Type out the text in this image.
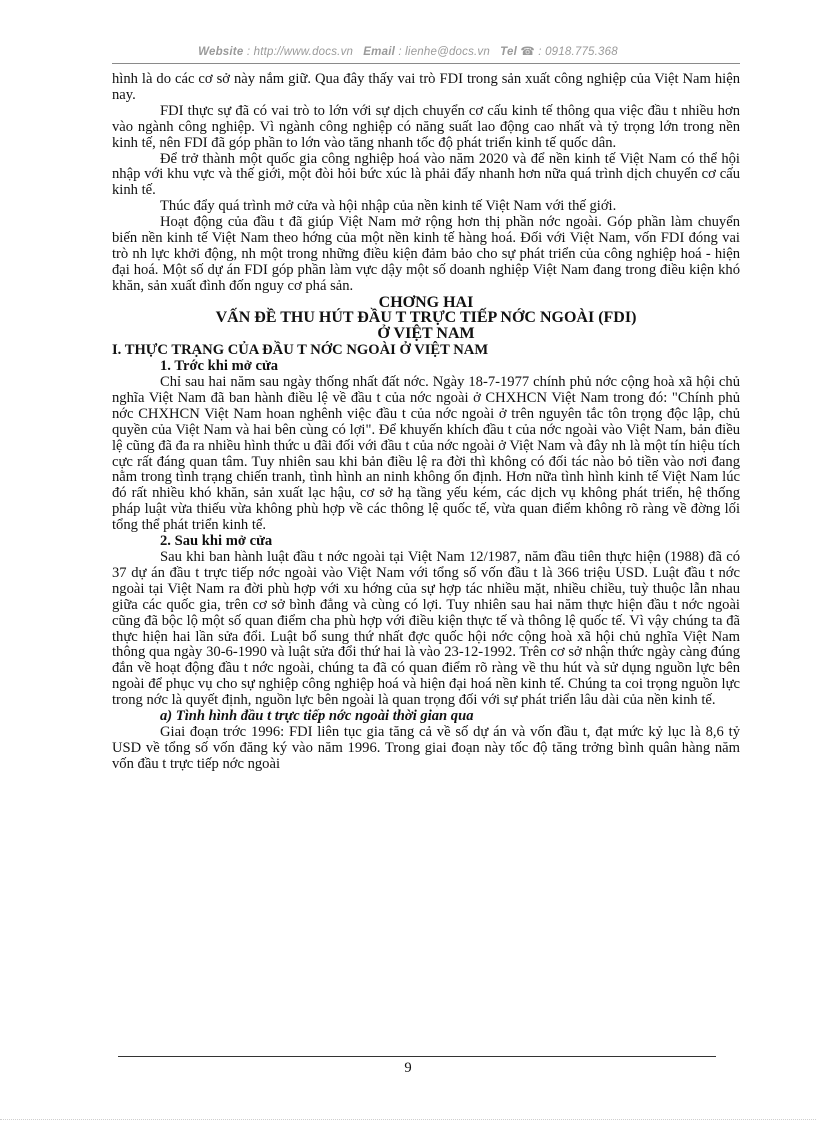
Website : http://www.docs.vn Email : lienhe@docs.vn Tel ☎ : 0918.775.368

hình là do các cơ sở này nắm giữ. Qua đây thấy vai trò FDI trong sản xuất công nghiệp của Việt Nam hiện nay.

FDI thực sự đã có vai trò to lớn với sự dịch chuyển cơ cấu kinh tế thông qua việc đầu t nhiều hơn vào ngành công nghiệp. Vì ngành công nghiệp có năng suất lao động cao nhất và tỷ trọng lớn trong nền kinh tế, nên FDI đã góp phần to lớn vào tăng nhanh tốc độ phát triển kinh tế quốc dân.

Để trở thành một quốc gia công nghiệp hoá vào năm 2020 và để nền kinh tế Việt Nam có thể hội nhập với khu vực và thế giới, một đòi hỏi bức xúc là phải đẩy nhanh hơn nữa quá trình dịch chuyển cơ cấu kinh tế.

Thúc đẩy quá trình mở cửa và hội nhập của nền kinh tế Việt Nam với thế giới.

Hoạt động của đầu t đã giúp Việt Nam mở rộng hơn thị phần nớc ngoài. Góp phần làm chuyển biến nền kinh tế Việt Nam theo hớng của một nền kinh tế hàng hoá. Đối với Việt Nam, vốn FDI đóng vai trò nh lực khởi động, nh một trong những điều kiện đảm bảo cho sự phát triển của công nghiệp hoá - hiện đại hoá. Một số dự án FDI góp phần làm vực dậy một số doanh nghiệp Việt Nam đang trong điều kiện khó khăn, sản xuất đình đốn nguy cơ phá sản.

CHƠNG HAI

VẤN ĐỀ THU HÚT ĐẦU T TRỰC TIẾP NỚC NGOÀI (FDI)

Ở VIỆT NAM

I. THỰC TRẠNG CỦA ĐẦU T NỚC NGOÀI Ở VIỆT NAM

1. Trớc khi mở cửa

Chỉ sau hai năm sau ngày thống nhất đất nớc. Ngày 18-7-1977 chính phủ nớc cộng hoà xã hội chủ nghĩa Việt Nam đã ban hành điều lệ về đầu t của nớc ngoài ở CHXHCN Việt Nam trong đó: "Chính phủ nớc CHXHCN Việt Nam hoan nghênh việc đầu t của nớc ngoài ở trên nguyên tắc tôn trọng độc lập, chủ quyền của Việt Nam và hai bên cùng có lợi". Để khuyến khích đầu t của nớc ngoài vào Việt Nam, bản điều lệ cũng đã đa ra nhiều hình thức u đãi đối với đầu t của nớc ngoài ở Việt Nam và đây nh là một tín hiệu tích cực rất đáng quan tâm. Tuy nhiên sau khi bản điều lệ ra đời thì không có đối tác nào bỏ tiền vào nơi đang nằm trong tình trạng chiến tranh, tình hình an ninh không ổn định. Hơn nữa tình hình kinh tế Việt Nam lúc đó rất nhiều khó khăn, sản xuất lạc hậu, cơ sở hạ tầng yếu kém, các dịch vụ không phát triển, hệ thống pháp luật vừa thiếu vừa không phù hợp về các thông lệ quốc tế, vừa quan điểm không rõ ràng về đờng lối tổng thể phát triển kinh tế.

2. Sau khi mở cửa

Sau khi ban hành luật đầu t nớc ngoài tại Việt Nam 12/1987, năm đầu tiên thực hiện (1988) đã có 37 dự án đầu t trực tiếp nớc ngoài vào Việt Nam với tổng số vốn đầu t là 366 triệu USD. Luật đầu t nớc ngoài tại Việt Nam ra đời phù hợp với xu hớng của sự hợp tác nhiều mặt, nhiều chiều, tuỳ thuộc lẫn nhau giữa các quốc gia, trên cơ sở bình đẳng và cùng có lợi. Tuy nhiên sau hai năm thực hiện đầu t nớc ngoài cũng đã bộc lộ một số quan điểm cha phù hợp với điều kiện thực tế và thông lệ quốc tế. Vì vậy chúng ta đã thực hiện hai lần sửa đổi. Luật bổ sung thứ nhất đợc quốc hội nớc cộng hoà xã hội chủ nghĩa Việt Nam thông qua ngày 30-6-1990 và luật sửa đổi thứ hai là vào 23-12-1992. Trên cơ sở nhận thức ngày càng đúng đắn về hoạt động đầu t nớc ngoài, chúng ta đã có quan điểm rõ ràng về thu hút và sử dụng nguồn lực bên ngoài để phục vụ cho sự nghiệp công nghiệp hoá và hiện đại hoá nền kinh tế. Chúng ta coi trọng nguồn lực trong nớc là quyết định, nguồn lực bên ngoài là quan trọng đối với sự phát triển lâu dài của nền kinh tế.

a) Tình hình đầu t trực tiếp nớc ngoài thời gian qua

Giai đoạn trớc 1996: FDI liên tục gia tăng cả về số dự án và vốn đầu t, đạt mức kỷ lục là 8,6 tỷ USD về tổng số vốn đăng ký vào năm 1996. Trong giai đoạn này tốc độ tăng trởng bình quân hàng năm vốn đầu t trực tiếp nớc ngoài

9
